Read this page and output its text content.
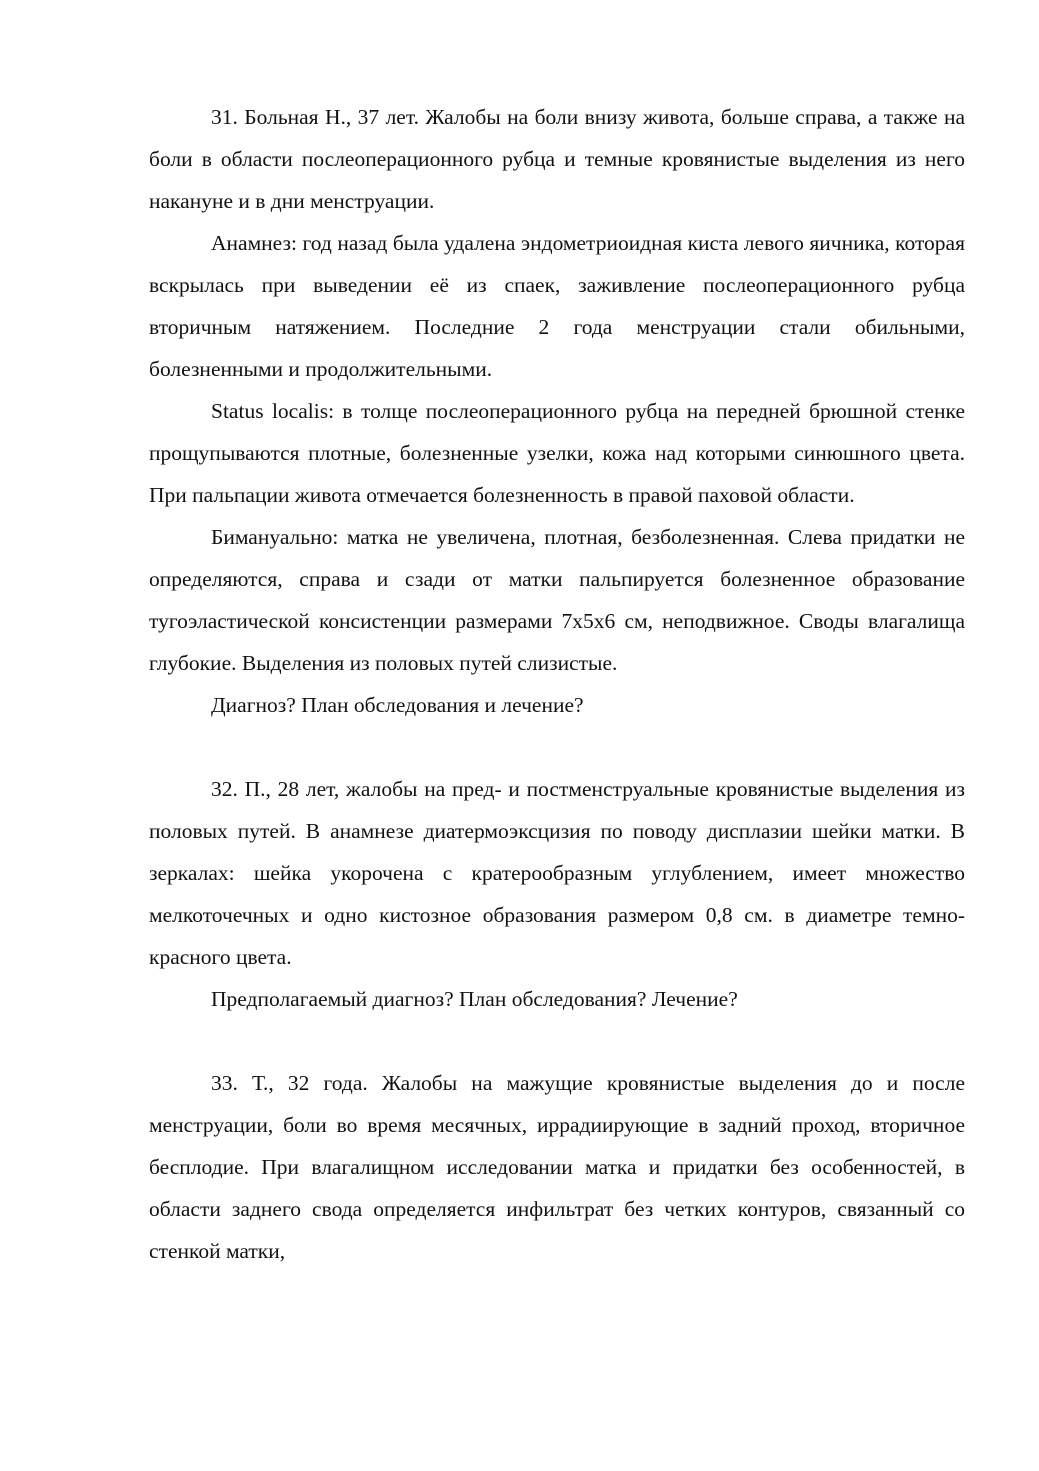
31. Больная Н., 37 лет. Жалобы на боли внизу живота, больше справа, а также на боли в области послеоперационного рубца и темные кровянистые выделения из него накануне и в дни менструации.

Анамнез: год назад была удалена эндометриоидная киста левого яичника, которая вскрылась при выведении её из спаек, заживление послеоперационного рубца вторичным натяжением. Последние 2 года менструации стали обильными, болезненными и продолжительными.

Status localis: в толще послеоперационного рубца на передней брюшной стенке прощупываются плотные, болезненные узелки, кожа над которыми синюшного цвета. При пальпации живота отмечается болезненность в правой паховой области.

Бимануально: матка не увеличена, плотная, безболезненная. Слева придатки не определяются, справа и сзади от матки пальпируется болезненное образование тугоэластической консистенции размерами 7х5х6 см, неподвижное. Своды влагалища глубокие. Выделения из половых путей слизистые.

Диагноз? План обследования и лечение?

32. П., 28 лет, жалобы на пред- и постменструальные кровянистые выделения из половых путей. В анамнезе диатермоэксцизия по поводу дисплазии шейки матки. В зеркалах: шейка укорочена с кратерообразным углублением, имеет множество мелкоточечных и одно кистозное образования размером 0,8 см. в диаметре темно-красного цвета.

Предполагаемый диагноз? План обследования? Лечение?

33. Т., 32 года. Жалобы на мажущие кровянистые выделения до и после менструации, боли во время месячных, иррадиирующие в задний проход, вторичное бесплодие. При влагалищном исследовании матка и придатки без особенностей, в области заднего свода определяется инфильтрат без четких контуров, связанный со стенкой матки,
